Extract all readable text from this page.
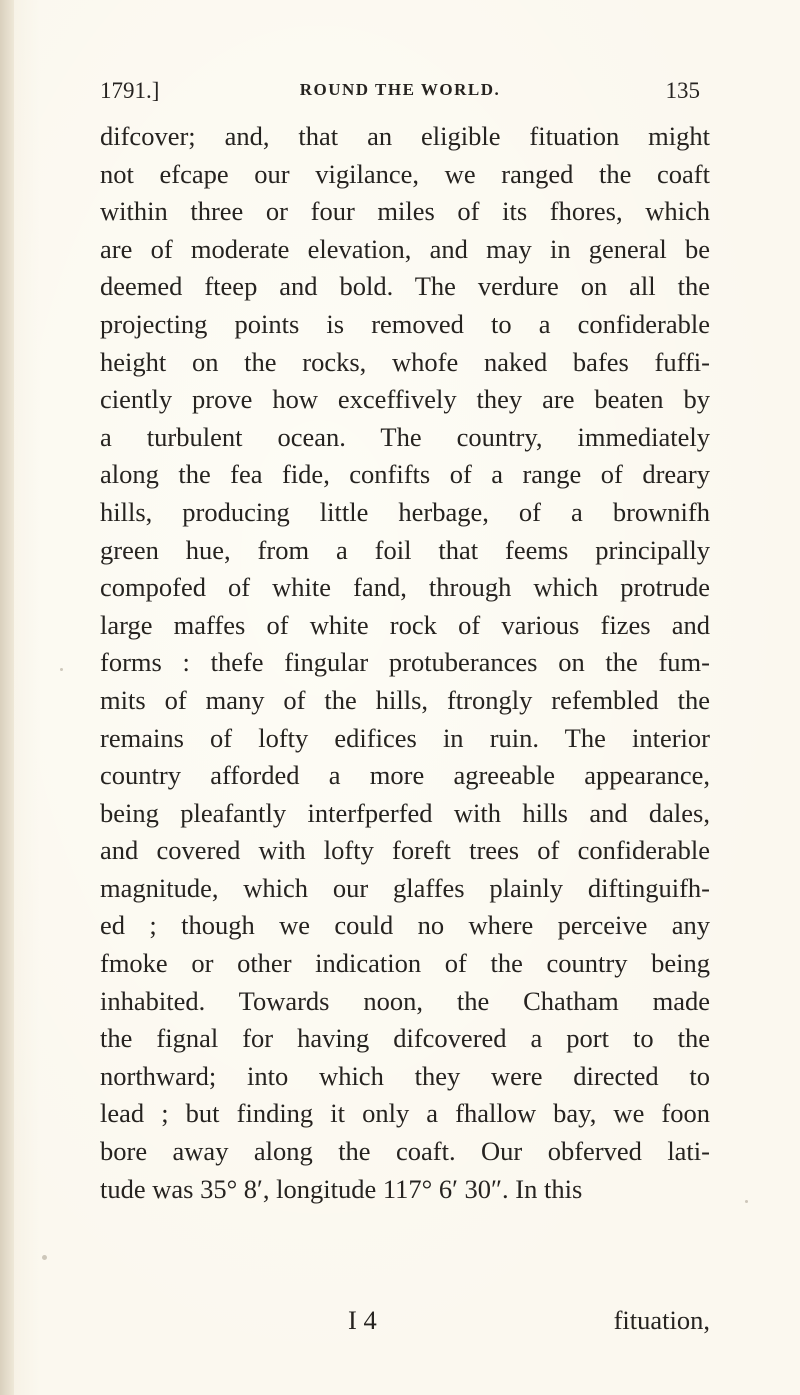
1791.]	ROUND THE WORLD.	135
difcover; and, that an eligible fituation might
not efcape our vigilance, we ranged the coaft
within three or four miles of its fhores, which
are of moderate elevation, and may in general be
deemed fteep and bold. The verdure on all the
projecting points is removed to a confiderable
height on the rocks, whofe naked bafes fuffi-
ciently prove how exceffively they are beaten by
a turbulent ocean. The country, immediately
along the fea fide, confifts of a range of dreary
hills, producing little herbage, of a brownifh
green hue, from a foil that feems principally
compofed of white fand, through which protrude
large maffes of white rock of various fizes and
forms : thefe fingular protuberances on the fum-
mits of many of the hills, ftrongly refembled the
remains of lofty edifices in ruin. The interior
country afforded a more agreeable appearance,
being pleafantly interfperfed with hills and dales,
and covered with lofty foreft trees of confiderable
magnitude, which our glaffes plainly diftinguifh-
ed ; though we could no where perceive any
fmoke or other indication of the country being
inhabited. Towards noon, the Chatham made
the fignal for having difcovered a port to the
northward; into which they were directed to
lead ; but finding it only a fhallow bay, we foon
bore away along the coaft. Our obferved lati-
tude was 35° 8′, longitude 117° 6′ 30″. In this
I 4	fituation,
